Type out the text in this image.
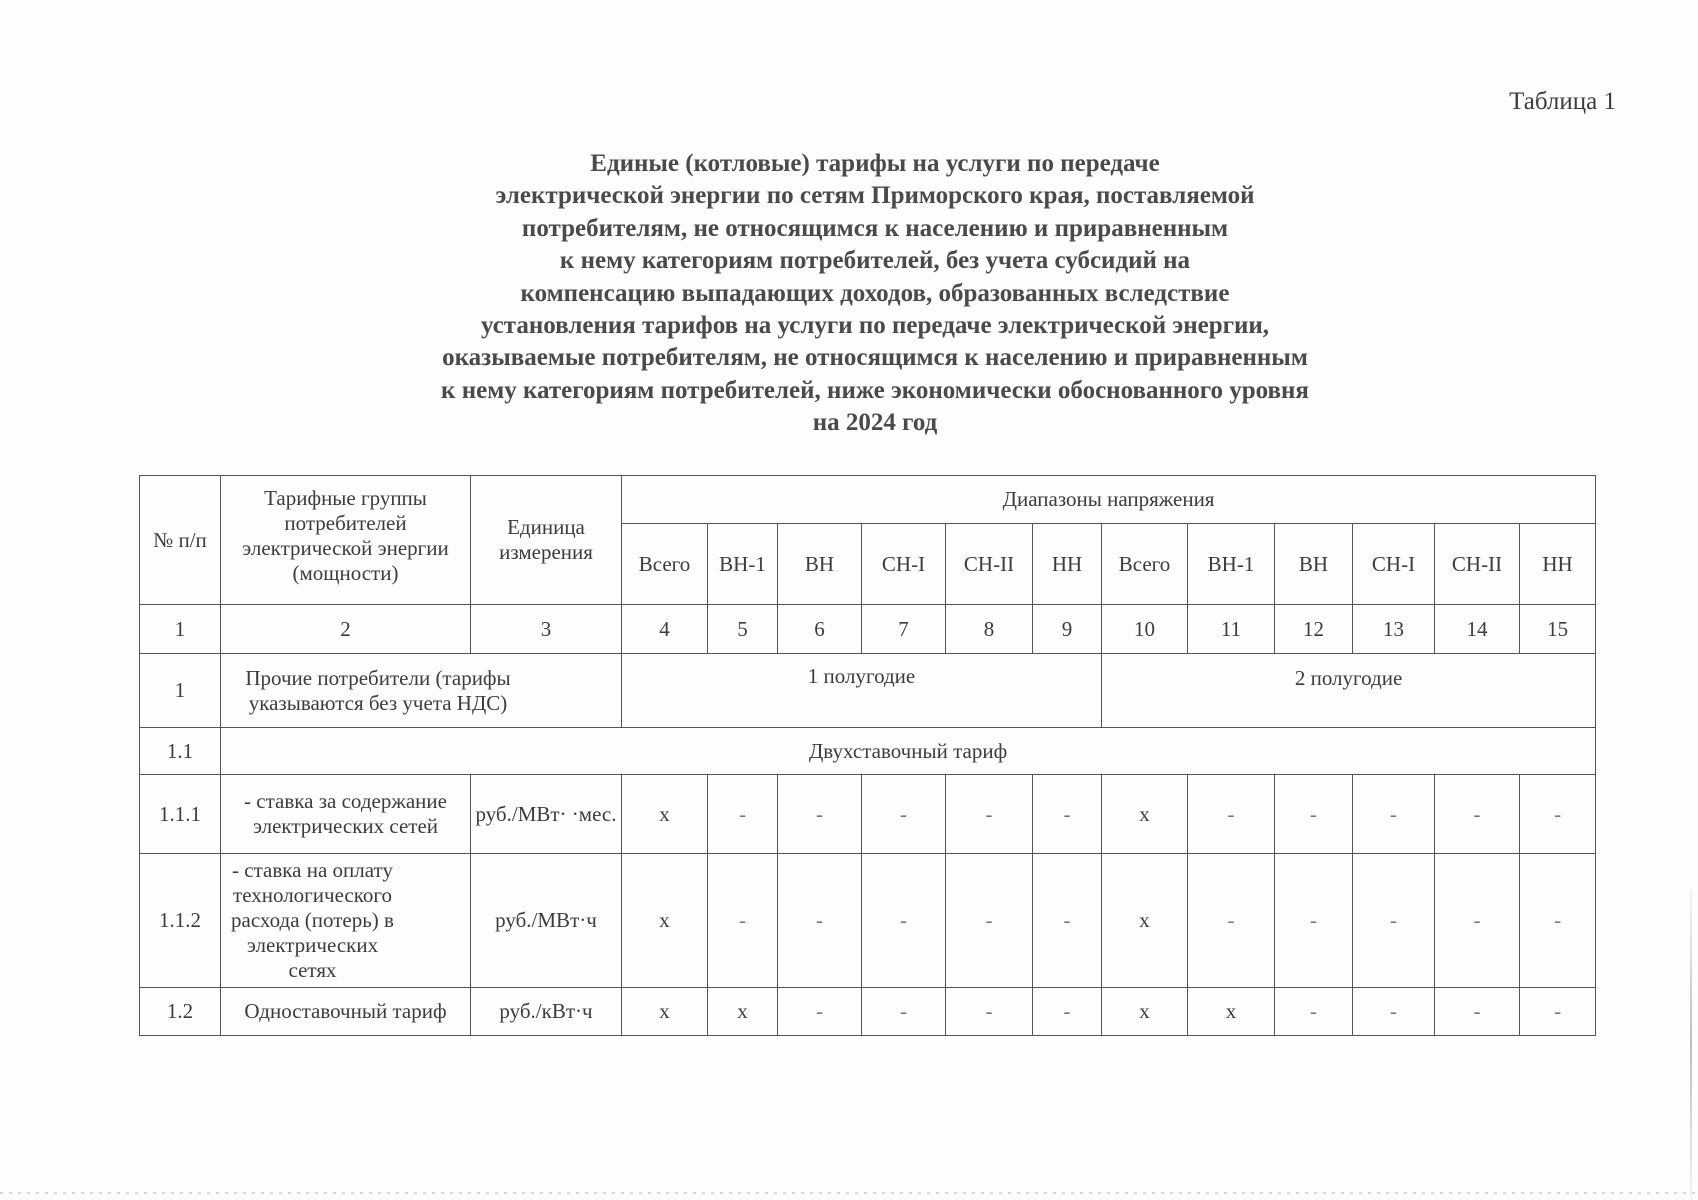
Таблица 1
Единые (котловые) тарифы на услуги по передаче
электрической энергии по сетям Приморского края, поставляемой
потребителям, не относящимся к населению и приравненным
к нему категориям потребителей, без учета субсидий на
компенсацию выпадающих доходов, образованных вследствие
установления тарифов на услуги по передаче электрической энергии,
оказываемые потребителям, не относящимся к населению и приравненным
к нему категориям потребителей, ниже экономически обоснованного уровня
на 2024 год
№ п/п	Тарифные группы потребителей электрической энергии (мощности)	Единица измерения	Диапазоны напряжения											
			Всего	ВН-1	ВН	СН-I	СН-II	НН	Всего	ВН-1	ВН	СН-I	СН-II	НН
1	2	3	4	5	6	7	8	9	10	11	12	13	14	15
1	Прочие потребители (тарифы указываются без учета НДС)		1 полугодие						2 полугодие					
1.1	Двухставочный тариф													
1.1.1	- ставка за содержание электрических сетей	руб./МВт· ·мес.	x	-	-	-	-	-	x	-	-	-	-	-
1.1.2	- ставка на оплату технологического расхода (потерь) в электрических сетях	руб./МВт·ч	x	-	-	-	-	-	x	-	-	-	-	-
1.2	Одноставочный тариф	руб./кВт·ч	x	x	-	-	-	-	x	x	-	-	-	-
